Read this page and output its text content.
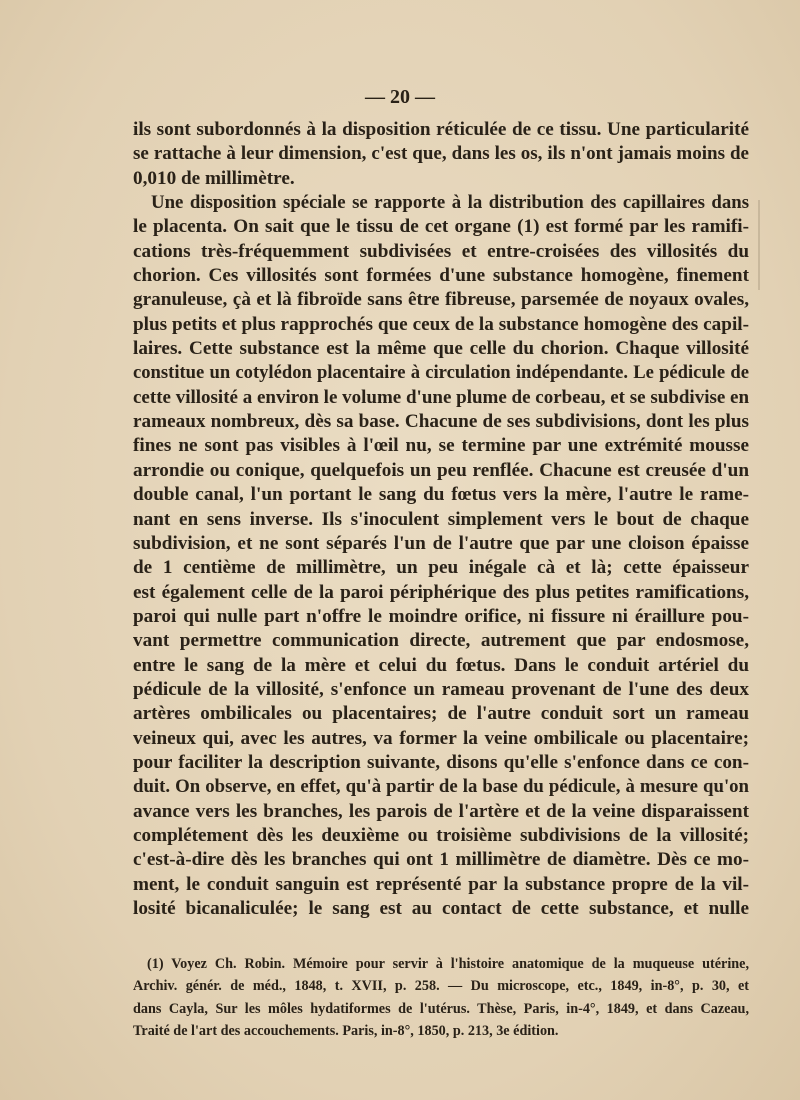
— 20 —
ils sont subordonnés à la disposition réticulée de ce tissu. Une particularité
se rattache à leur dimension, c'est que, dans les os, ils n'ont jamais moins de
0,010 de millimètre.
Une disposition spéciale se rapporte à la distribution des capillaires dans
le placenta. On sait que le tissu de cet organe (1) est formé par les ramifi-
cations très-fréquemment subdivisées et entre-croisées des villosités du
chorion. Ces villosités sont formées d'une substance homogène, finement
granuleuse, çà et là fibroïde sans être fibreuse, parsemée de noyaux ovales,
plus petits et plus rapprochés que ceux de la substance homogène des capil-
laires. Cette substance est la même que celle du chorion. Chaque villosité
constitue un cotylédon placentaire à circulation indépendante. Le pédicule de
cette villosité a environ le volume d'une plume de corbeau, et se subdivise en
rameaux nombreux, dès sa base. Chacune de ses subdivisions, dont les plus
fines ne sont pas visibles à l'œil nu, se termine par une extrémité mousse
arrondie ou conique, quelquefois un peu renflée. Chacune est creusée d'un
double canal, l'un portant le sang du fœtus vers la mère, l'autre le rame-
nant en sens inverse. Ils s'inoculent simplement vers le bout de chaque
subdivision, et ne sont séparés l'un de l'autre que par une cloison épaisse
de 1 centième de millimètre, un peu inégale cà et là; cette épaisseur
est également celle de la paroi périphérique des plus petites ramifications,
paroi qui nulle part n'offre le moindre orifice, ni fissure ni éraillure pou-
vant permettre communication directe, autrement que par endosmose,
entre le sang de la mère et celui du fœtus. Dans le conduit artériel du
pédicule de la villosité, s'enfonce un rameau provenant de l'une des deux
artères ombilicales ou placentaires; de l'autre conduit sort un rameau
veineux qui, avec les autres, va former la veine ombilicale ou placentaire;
pour faciliter la description suivante, disons qu'elle s'enfonce dans ce con-
duit. On observe, en effet, qu'à partir de la base du pédicule, à mesure qu'on
avance vers les branches, les parois de l'artère et de la veine disparaissent
complétement dès les deuxième ou troisième subdivisions de la villosité;
c'est-à-dire dès les branches qui ont 1 millimètre de diamètre. Dès ce mo-
ment, le conduit sanguin est représenté par la substance propre de la vil-
losité bicanaliculée; le sang est au contact de cette substance, et nulle
(1) Voyez Ch. Robin. Mémoire pour servir à l'histoire anatomique de la muqueuse utérine,
Archiv. génér. de méd., 1848, t. XVII, p. 258. — Du microscope, etc., 1849, in-8°, p. 30, et
dans Cayla, Sur les môles hydatiformes de l'utérus. Thèse, Paris, in-4°, 1849, et dans Cazeau,
Traité de l'art des accouchements. Paris, in-8°, 1850, p. 213, 3e édition.
